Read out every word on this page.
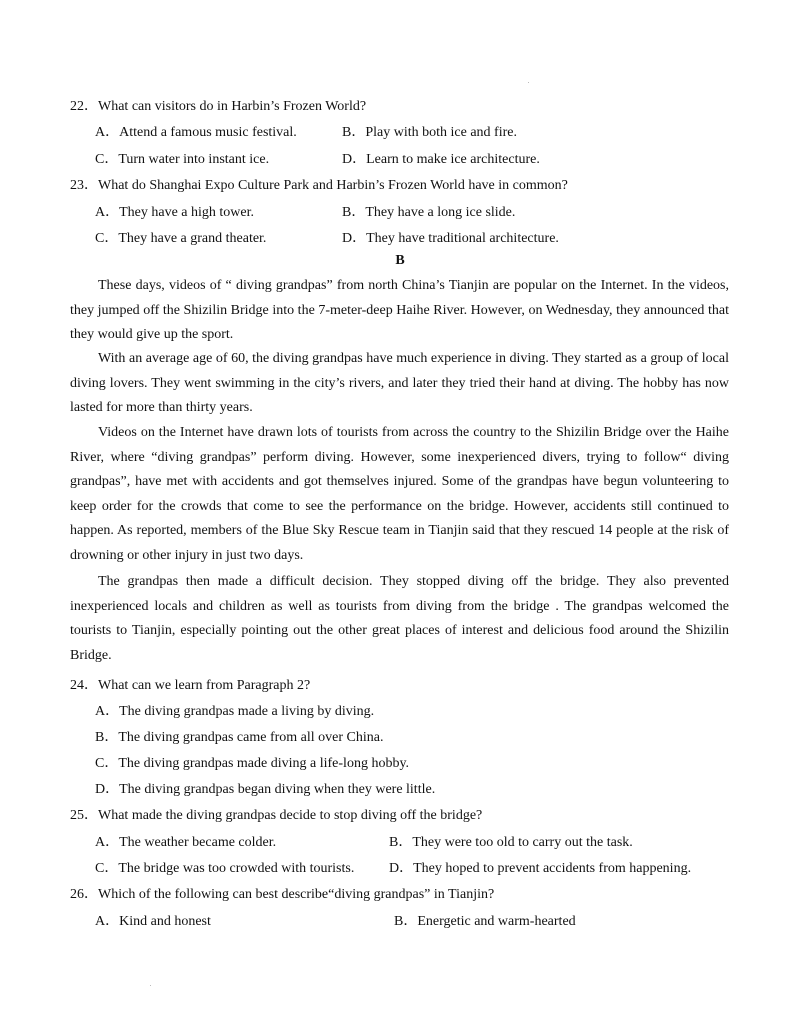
22．What can visitors do in Harbin’s Frozen World?
A．Attend a famous music festival.	B．Play with both ice and fire.
C．Turn water into instant ice.	D．Learn to make ice architecture.
23．What do Shanghai Expo Culture Park and Harbin’s Frozen World have in common?
A．They have a high tower.	B．They have a long ice slide.
C．They have a grand theater.	D．They have traditional architecture.
B

These days, videos of “ diving grandpas” from north China’s Tianjin are popular on the Internet. In the videos, they jumped off the Shizilin Bridge into the 7-meter-deep Haihe River. However, on Wednesday, they announced that they would give up the sport.

With an average age of 60, the diving grandpas have much experience in diving. They started as a group of local diving lovers. They went swimming in the city’s rivers, and later they tried their hand at diving. The hobby has now lasted for more than thirty years.

Videos on the Internet have drawn lots of tourists from across the country to the Shizilin Bridge over the Haihe River, where “diving grandpas” perform diving. However, some inexperienced divers, trying to follow“ diving grandpas”, have met with accidents and got themselves injured. Some of the grandpas have begun volunteering to keep order for the crowds that come to see the performance on the bridge. However, accidents still continued to happen. As reported, members of the Blue Sky Rescue team in Tianjin said that they rescued 14 people at the risk of drowning or other injury in just two days.

The grandpas then made a difficult decision. They stopped diving off the bridge. They also prevented inexperienced locals and children as well as tourists from diving from the bridge . The grandpas welcomed the tourists to Tianjin, especially pointing out the other great places of interest and delicious food around the Shizilin Bridge.

24．What can we learn from Paragraph 2?
A．The diving grandpas made a living by diving.
B．The diving grandpas came from all over China.
C．The diving grandpas made diving a life-long hobby.
D．The diving grandpas began diving when they were little.
25．What made the diving grandpas decide to stop diving off the bridge?
A．The weather became colder.	B．They were too old to carry out the task.
C．The bridge was too crowded with tourists. D．They hoped to prevent accidents from happening.
26．Which of the following can best describe“diving grandpas” in Tianjin?
A．Kind and honest	B．Energetic and warm-hearted
